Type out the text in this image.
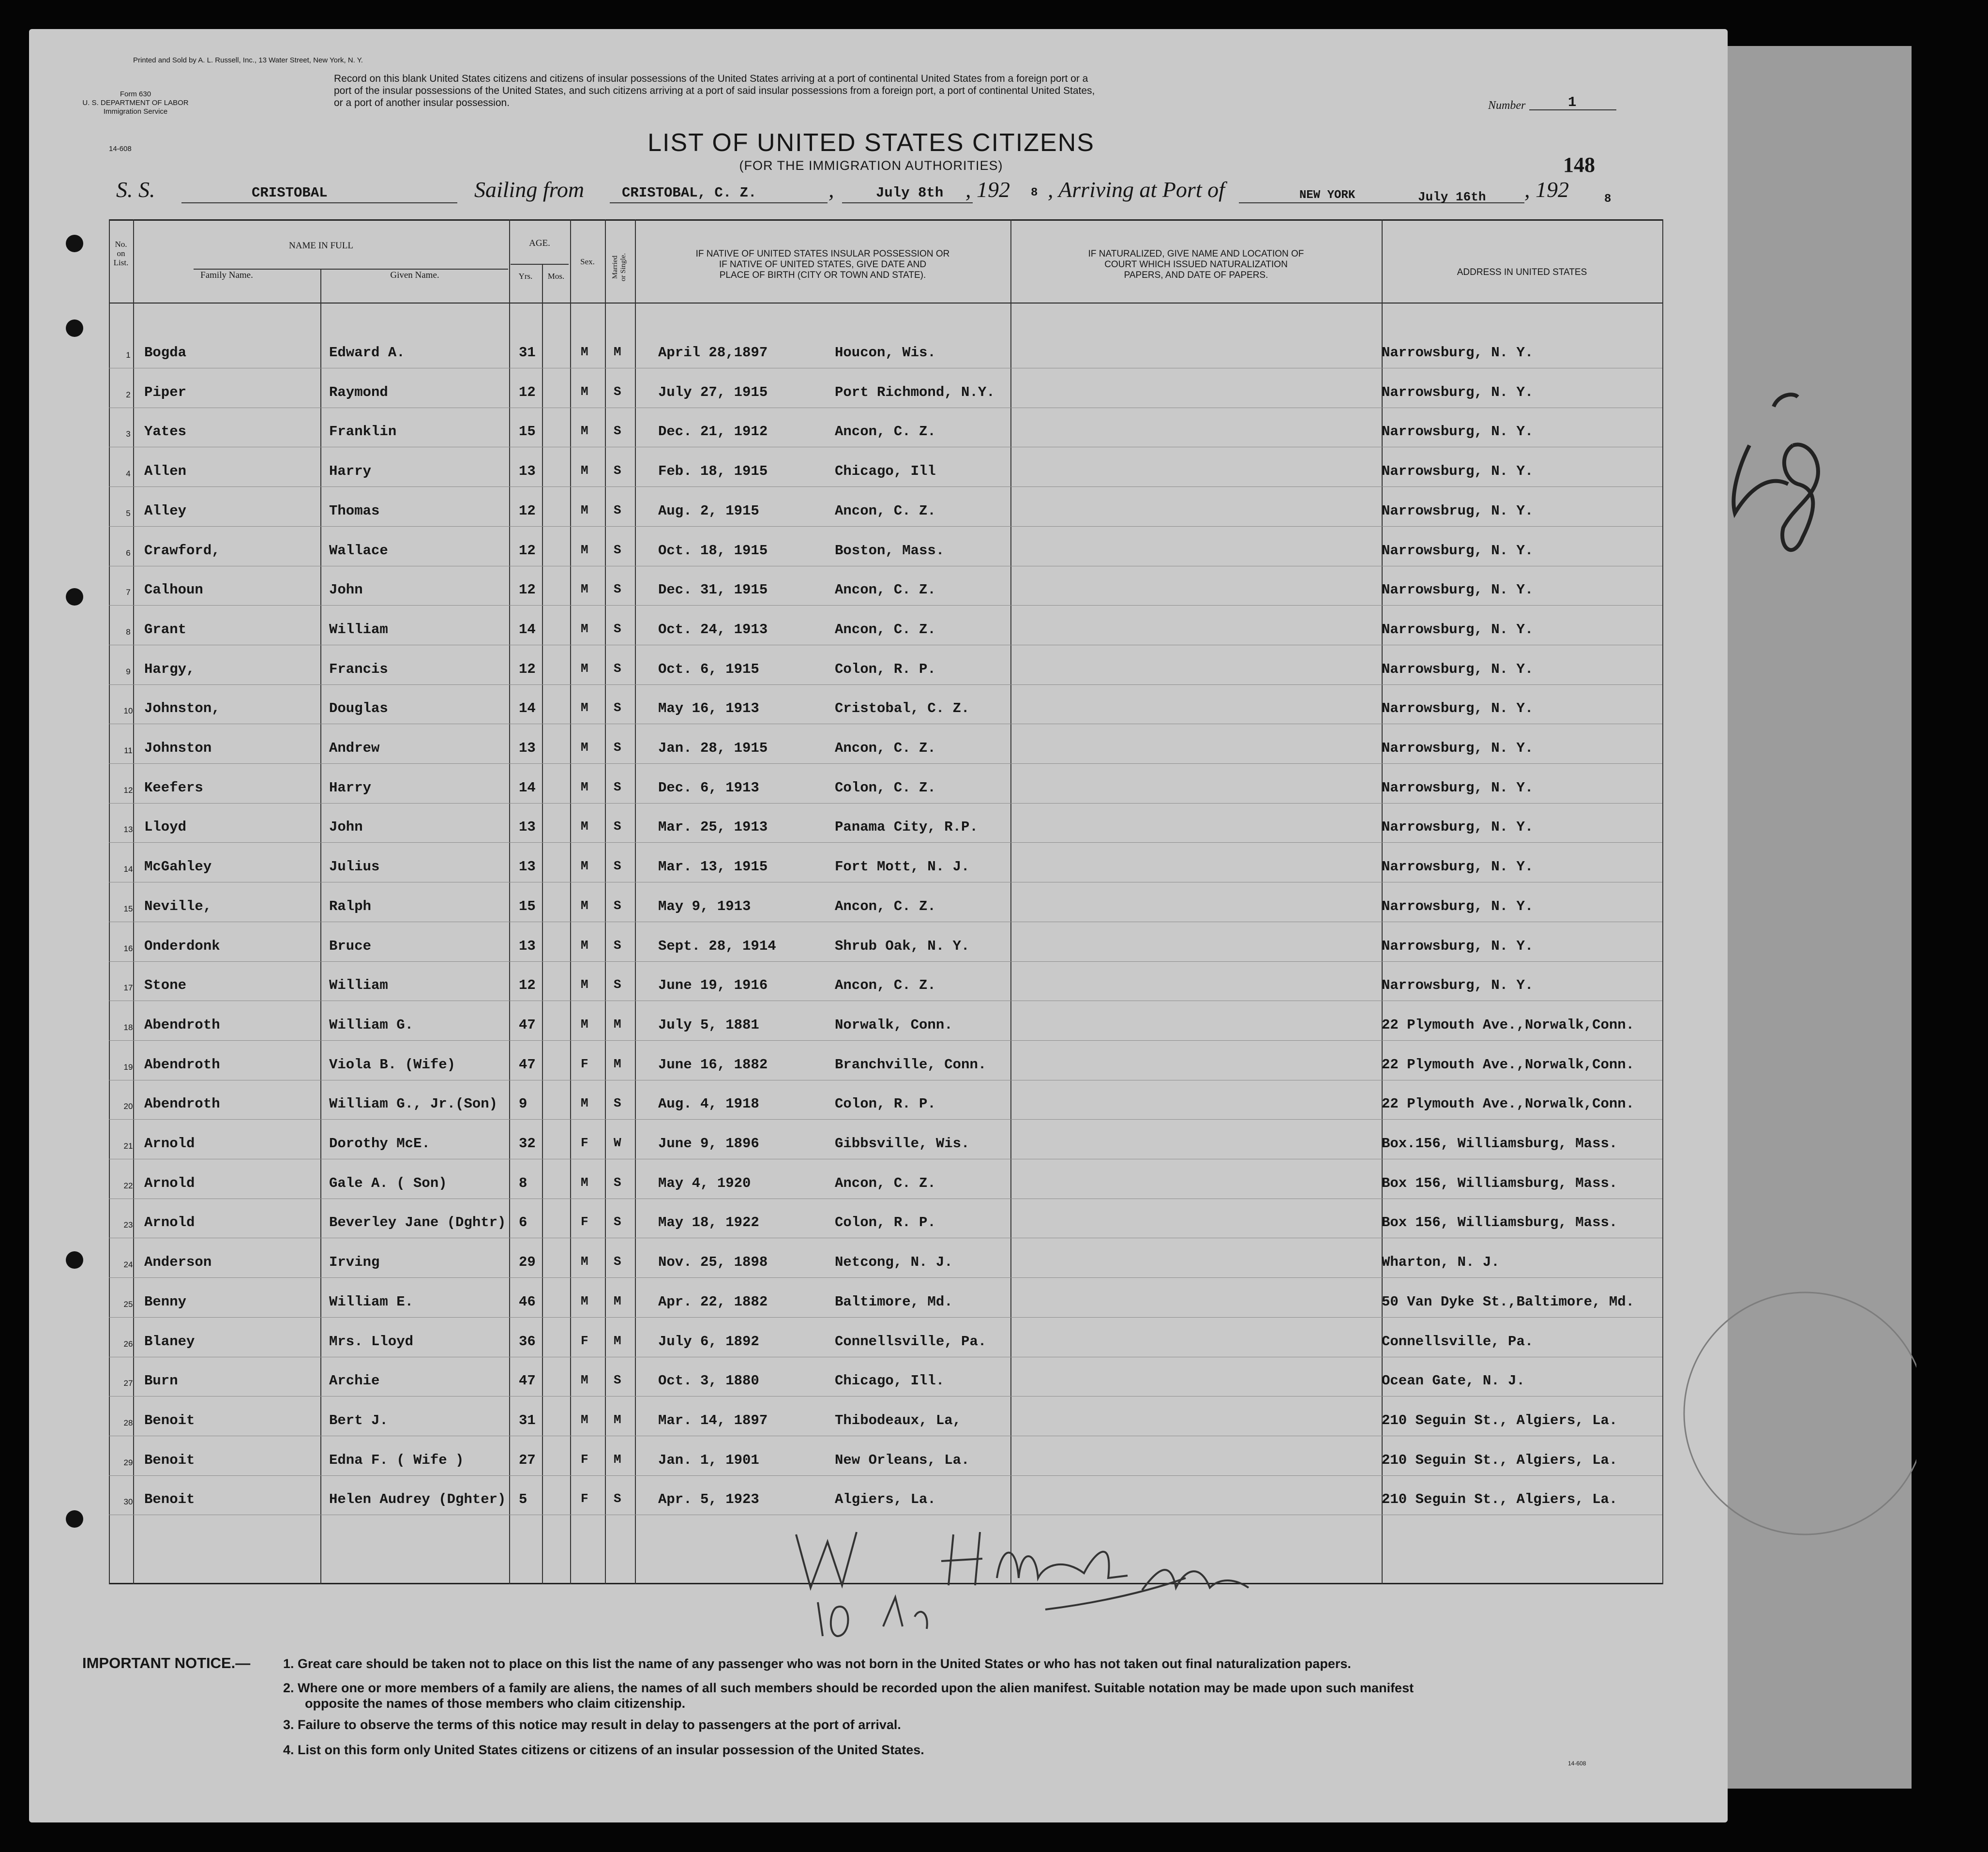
Printed and Sold by A. L. Russell, Inc., 13 Water Street, New York, N. Y.
Form 630
U. S. DEPARTMENT OF LABOR
Immigration Service
14-608
Record on this blank United States citizens and citizens of insular possessions of the United States arriving at a port of continental United States from a foreign port or a
port of the insular possessions of the United States, and such citizens arriving at a port of said insular possessions from a foreign port, a port of continental United States,
or a port of another insular possession.	Number	1
LIST OF UNITED STATES CITIZENS
(FOR THE IMMIGRATION AUTHORITIES)	148
S. S.	CRISTOBAL	Sailing from	CRISTOBAL, C. Z.	,	July 8th , 192 8 , Arriving at Port of	NEW YORK	July 16th , 192	8
No.
on
List.
NAME IN FULL
Family Name.	Given Name.
AGE.
Yrs.	Mos.
Sex.	Married or Single.	IF NATIVE OF UNITED STATES INSULAR POSSESSION OR
IF NATIVE OF UNITED STATES, GIVE DATE AND
PLACE OF BIRTH (CITY OR TOWN AND STATE).
IF NATURALIZED, GIVE NAME AND LOCATION OF
COURT WHICH ISSUED NATURALIZATION
PAPERS, AND DATE OF PAPERS.	ADDRESS IN UNITED STATES
1 Bogda	Edward A.	31	M M	April 28,1897	Houcon, Wis.	Narrowsburg, N. Y.
2 Piper	Raymond	12	M S	July 27, 1915	Port Richmond, N.Y.	Narrowsburg, N. Y.
3 Yates	Franklin	15	M S	Dec. 21, 1912	Ancon, C. Z.	Narrowsburg, N. Y.
4 Allen	Harry	13	M S	Feb. 18, 1915	Chicago, Ill	Narrowsburg, N. Y.
5 Alley	Thomas	12	M S	Aug. 2, 1915	Ancon, C. Z.	Narrowsbrug, N. Y.
6 Crawford,	Wallace	12	M S	Oct. 18, 1915	Boston, Mass.	Narrowsburg, N. Y.
7 Calhoun	John	12	M S	Dec. 31, 1915	Ancon, C. Z.	Narrowsburg, N. Y.
8 Grant	William	14	M S	Oct. 24, 1913	Ancon, C. Z.	Narrowsburg, N. Y.
9 Hargy,	Francis	12	M S	Oct. 6, 1915	Colon, R. P.	Narrowsburg, N. Y.
10 Johnston,	Douglas	14	M S	May 16, 1913	Cristobal, C. Z.	Narrowsburg, N. Y.
11 Johnston	Andrew	13	M S	Jan. 28, 1915	Ancon, C. Z.	Narrowsburg, N. Y.
12 Keefers	Harry	14	M S	Dec. 6, 1913	Colon, C. Z.	Narrowsburg, N. Y.
13 Lloyd	John	13	M S	Mar. 25, 1913	Panama City, R.P.	Narrowsburg, N. Y.
14 McGahley	Julius	13	M S	Mar. 13, 1915	Fort Mott, N. J.	Narrowsburg, N. Y.
15 Neville,	Ralph	15	M S	May 9, 1913	Ancon, C. Z.	Narrowsburg, N. Y.
16 Onderdonk	Bruce	13	M S	Sept. 28, 1914	Shrub Oak, N. Y.	Narrowsburg, N. Y.
17 Stone	William	12	M S	June 19, 1916	Ancon, C. Z.	Narrowsburg, N. Y.
18 Abendroth	William G.	47	M M	July 5, 1881	Norwalk, Conn.	22 Plymouth Ave.,Norwalk,Conn.
19 Abendroth	Viola B. (Wife)	47	F M	June 16, 1882	Branchville, Conn.	22 Plymouth Ave.,Norwalk,Conn.
20 Abendroth	William G., Jr.(Son) 9	M S	Aug. 4, 1918	Colon, R. P.	22 Plymouth Ave.,Norwalk,Conn.
21 Arnold	Dorothy McE.	32	F W	June 9, 1896	Gibbsville, Wis.	Box.156, Williamsburg, Mass.
22 Arnold	Gale A. ( Son)	8	M S	May 4, 1920	Ancon, C. Z.	Box 156, Williamsburg, Mass.
23 Arnold	Beverley Jane (Dghtr) 6	F S	May 18, 1922	Colon, R. P.	Box 156, Williamsburg, Mass.
24 Anderson	Irving	29	M S	Nov. 25, 1898	Netcong, N. J.	Wharton, N. J.
25 Benny	William E.	46	M M	Apr. 22, 1882	Baltimore, Md.	50 Van Dyke St.,Baltimore, Md.
26 Blaney	Mrs. Lloyd	36	F M	July 6, 1892	Connellsville, Pa.	Connellsville, Pa.
27 Burn	Archie	47	M S	Oct. 3, 1880	Chicago, Ill.	Ocean Gate, N. J.
28 Benoit	Bert J.	31	M M	Mar. 14, 1897	Thibodeaux, La,	210 Seguin St., Algiers, La.
29 Benoit	Edna F. ( Wife )	27	F M	Jan. 1, 1901	New Orleans, La.	210 Seguin St., Algiers, La.
30 Benoit	Helen Audrey (Dghter) 5	F S	Apr. 5, 1923	Algiers, La.	210 Seguin St., Algiers, La.
IMPORTANT NOTICE.—	1. Great care should be taken not to place on this list the name of any passenger who was not born in the United States or who has not taken out final naturalization papers.
2. Where one or more members of a family are aliens, the names of all such members should be recorded upon the alien manifest. Suitable notation may be made upon such manifest
opposite the names of those members who claim citizenship.
3. Failure to observe the terms of this notice may result in delay to passengers at the port of arrival.
4. List on this form only United States citizens or citizens of an insular possession of the United States.
14-608
